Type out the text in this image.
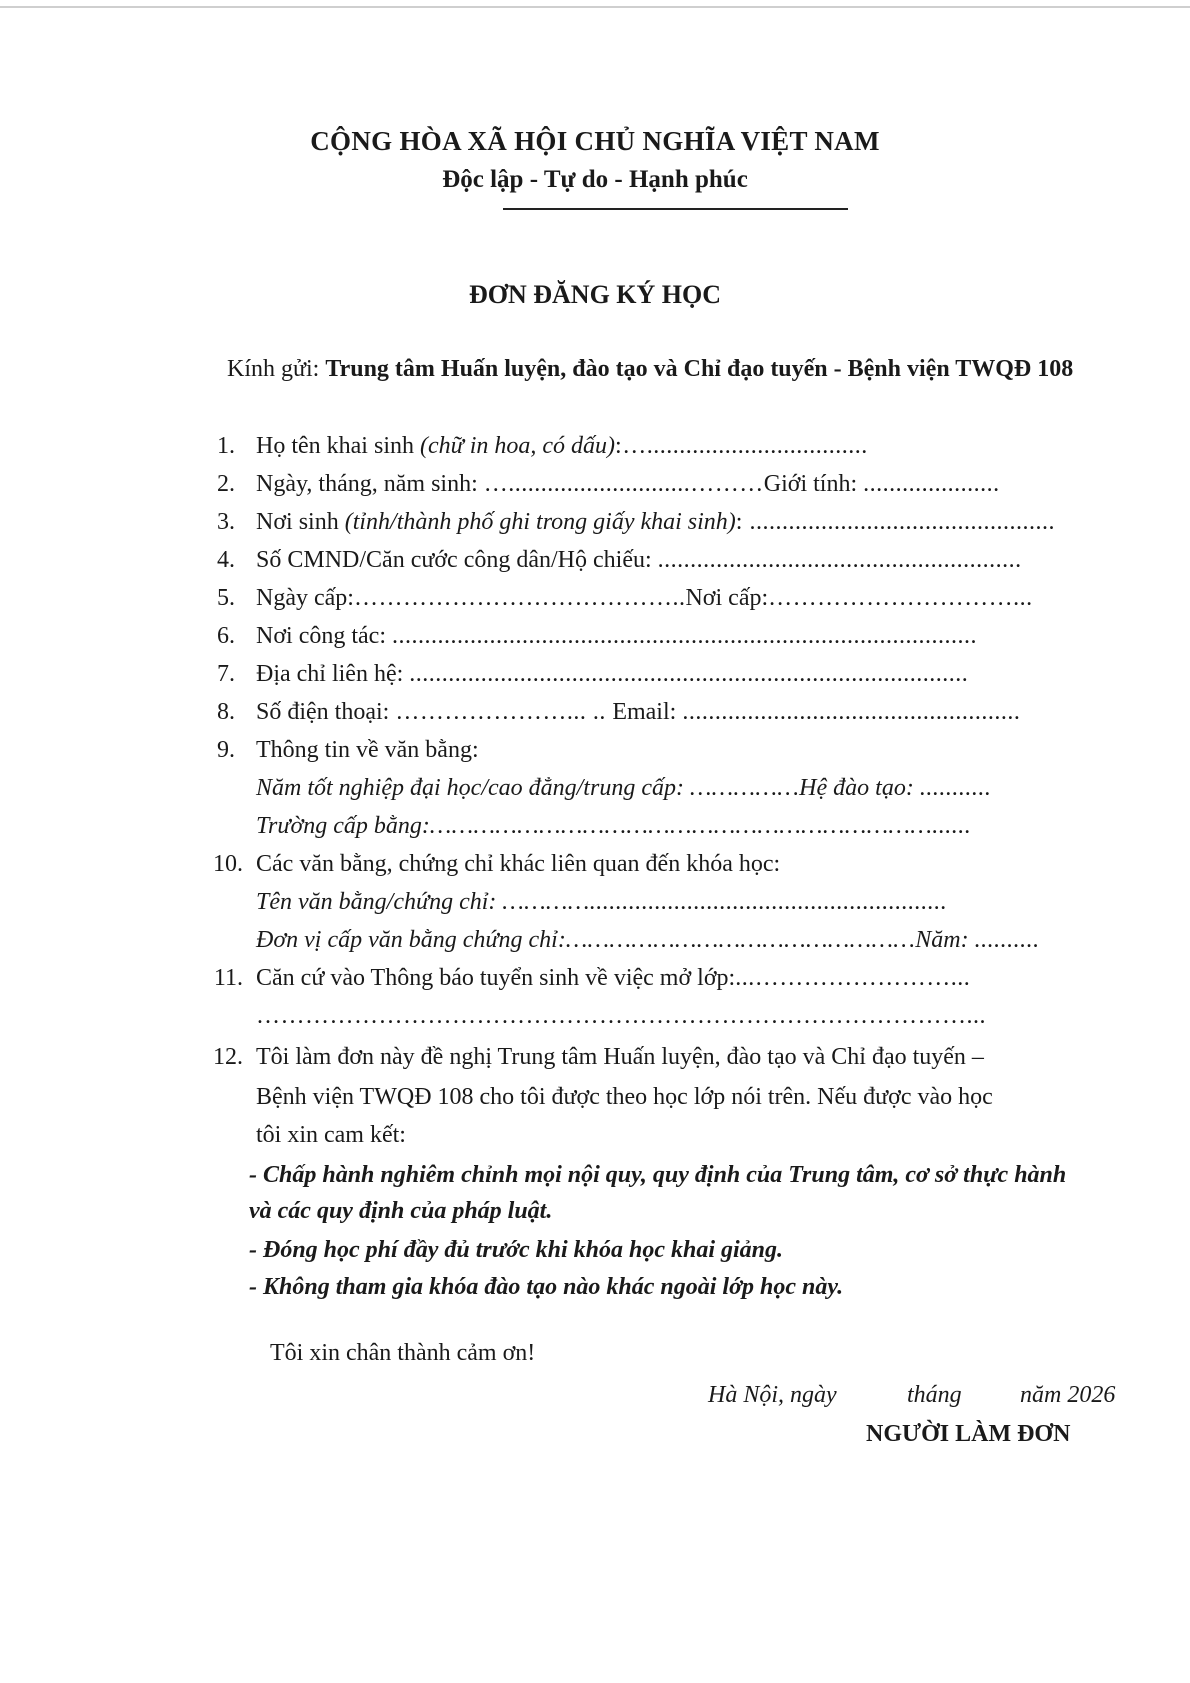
CỘNG HÒA XÃ HỘI CHỦ NGHĨA VIỆT NAM
Độc lập - Tự do - Hạnh phúc
ĐƠN ĐĂNG KÝ HỌC
Kính gửi: Trung tâm Huấn luyện, đào tạo và Chỉ đạo tuyến - Bệnh viện TWQĐ 108
1. Họ tên khai sinh (chữ in hoa, có dấu):…..................................
2. Ngày, tháng, năm sinh: …............................………Giới tính: .....................
3. Nơi sinh (tỉnh/thành phố ghi trong giấy khai sinh): ...............................................
4. Số CMND/Căn cước công dân/Hộ chiếu: ........................................................
5. Ngày cấp:…………………………………..Nơi cấp:…………………………...
6. Nơi công tác: ..........................................................................................
7. Địa chỉ liên hệ: ......................................................................................
8. Số điện thoại: …………………... .. Email: ....................................................
9. Thông tin về văn bằng:
Năm tốt nghiệp đại học/cao đẳng/trung cấp: ……………Hệ đào tạo: ...........
Trường cấp bằng:……………………………………………………………......
10. Các văn bằng, chứng chỉ khác liên quan đến khóa học:
Tên văn bằng/chứng chỉ: ………….......................................................
Đơn vị cấp văn bằng chứng chỉ:…………………………………………Năm: ..........
11. Căn cứ vào Thông báo tuyển sinh về việc mở lớp:...……………………...
……………………………………………………………………………...
12. Tôi làm đơn này đề nghị Trung tâm Huấn luyện, đào tạo và Chỉ đạo tuyến –
Bệnh viện TWQĐ 108 cho tôi được theo học lớp nói trên. Nếu được vào học
tôi xin cam kết:
- Chấp hành nghiêm chỉnh mọi nội quy, quy định của Trung tâm, cơ sở thực hành
và các quy định của pháp luật.
- Đóng học phí đầy đủ trước khi khóa học khai giảng.
- Không tham gia khóa đào tạo nào khác ngoài lớp học này.
Tôi xin chân thành cảm ơn!
Hà Nội, ngày	tháng năm 2026
NGƯỜI LÀM ĐƠN
